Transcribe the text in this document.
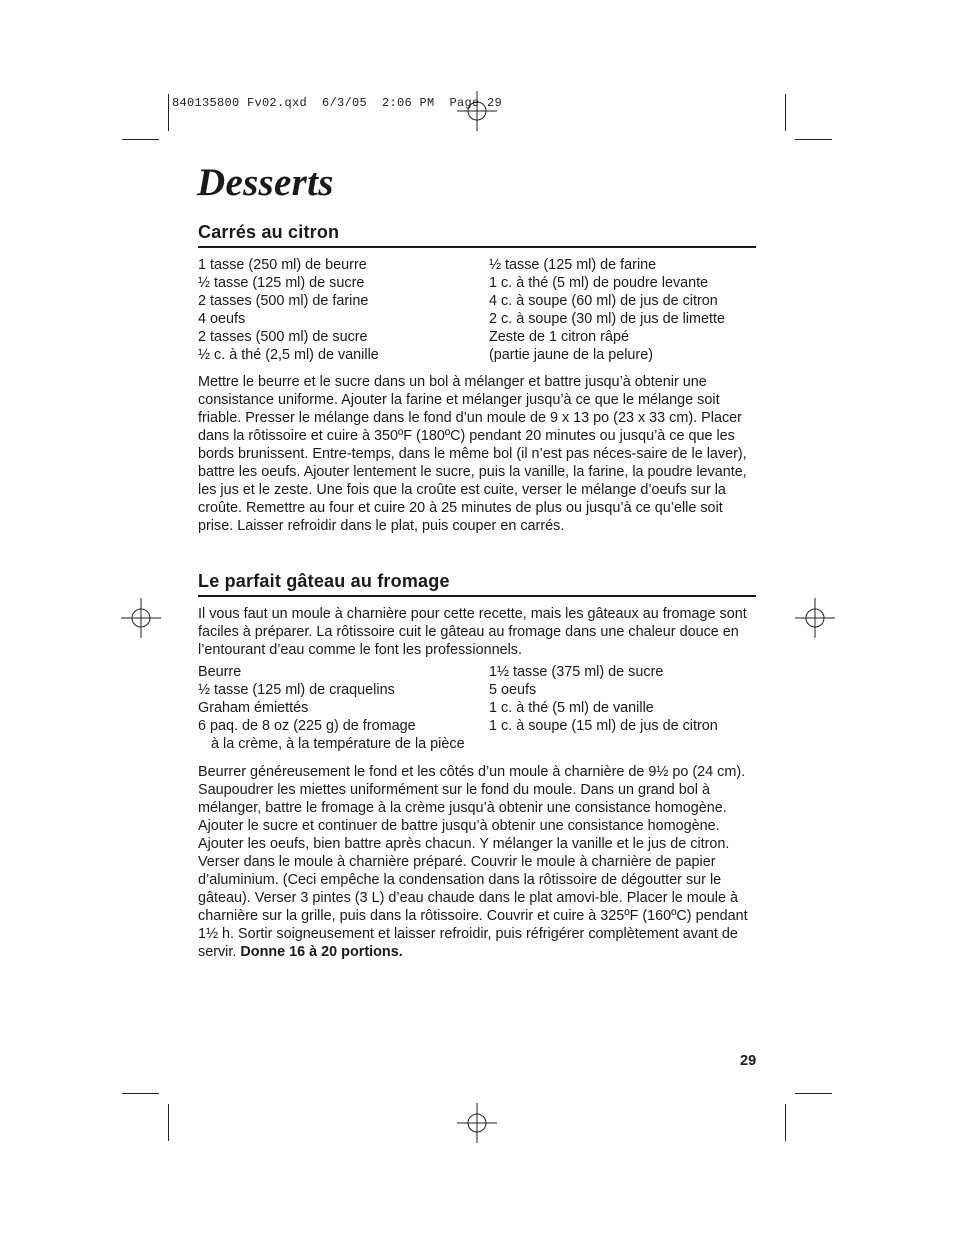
840135800 Fv02.qxd  6/3/05  2:06 PM  Page 29
Desserts
Carrés au citron
1 tasse (250 ml) de beurre
½ tasse (125 ml) de sucre
2 tasses (500 ml) de farine
4 oeufs
2 tasses (500 ml) de sucre
½ c. à thé (2,5 ml) de vanille
½ tasse (125 ml) de farine
1 c. à thé (5 ml) de poudre levante
4 c. à soupe (60 ml) de jus de citron
2 c. à soupe (30 ml) de jus de limette
Zeste de 1 citron râpé
(partie jaune de la pelure)

Mettre le beurre et le sucre dans un bol à mélanger et battre jusqu’à obtenir une consistance uniforme. Ajouter la farine et mélanger jusqu’à ce que le mélange soit friable. Presser le mélange dans le fond d’un moule de 9 x 13 po (23 x 33 cm). Placer dans la rôtissoire et cuire à 350ºF (180ºC) pendant 20 minutes ou jusqu’à ce que les bords brunissent. Entre-temps, dans le même bol (il n’est pas néces-saire de le laver), battre les oeufs. Ajouter lentement le sucre, puis la vanille, la farine, la poudre levante, les jus et le zeste. Une fois que la croûte est cuite, verser le mélange d’oeufs sur la croûte. Remettre au four et cuire 20 à 25 minutes de plus ou jusqu’à ce qu’elle soit prise. Laisser refroidir dans le plat, puis couper en carrés.

Le parfait gâteau au fromage

Il vous faut un moule à charnière pour cette recette, mais les gâteaux au fromage sont faciles à préparer. La rôtissoire cuit le gâteau au fromage dans une chaleur douce en l’entourant d’eau comme le font les professionnels.

Beurre
½ tasse (125 ml) de craquelins
Graham émiettés
6 paq. de 8 oz (225 g) de fromage
à la crème, à la température de la pièce
1½ tasse (375 ml) de sucre
5 oeufs
1 c. à thé (5 ml) de vanille
1 c. à soupe (15 ml) de jus de citron

Beurrer généreusement le fond et les côtés d’un moule à charnière de 9½ po (24 cm). Saupoudrer les miettes uniformément sur le fond du moule. Dans un grand bol à mélanger, battre le fromage à la crème jusqu’à obtenir une consistance homogène. Ajouter le sucre et continuer de battre jusqu’à obtenir une consistance homogène. Ajouter les oeufs, bien battre après chacun. Y mélanger la vanille et le jus de citron. Verser dans le moule à charnière préparé. Couvrir le moule à charnière de papier d’aluminium. (Ceci empêche la condensation dans la rôtissoire de dégoutter sur le gâteau). Verser 3 pintes (3 L) d’eau chaude dans le plat amovi-ble. Placer le moule à charnière sur la grille, puis dans la rôtissoire. Couvrir et cuire à 325ºF (160ºC) pendant 1½ h. Sortir soigneusement et laisser refroidir, puis réfrigérer complètement avant de servir. Donne 16 à 20 portions.

29
